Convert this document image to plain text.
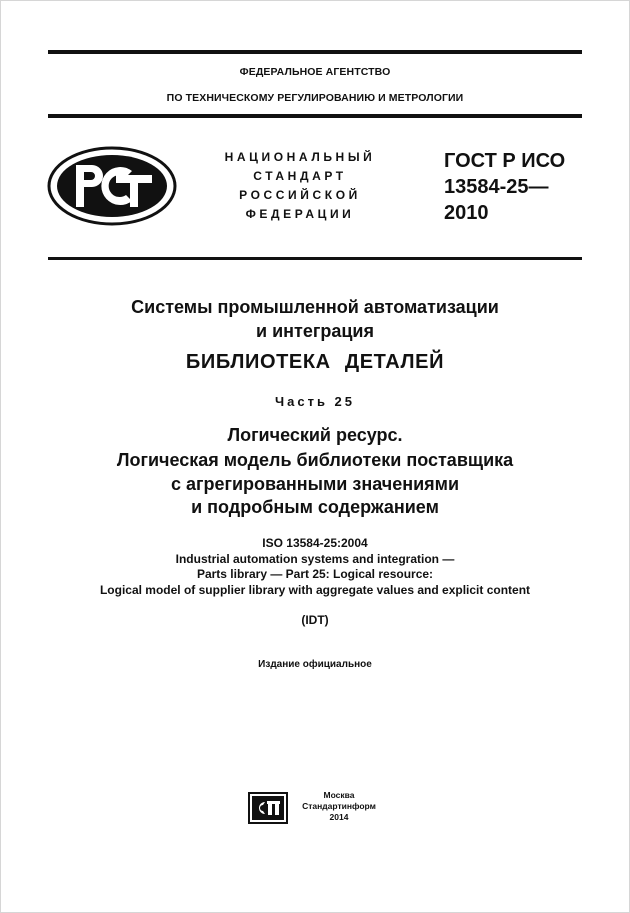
ФЕДЕРАЛЬНОЕ АГЕНТСТВО
ПО ТЕХНИЧЕСКОМУ РЕГУЛИРОВАНИЮ И МЕТРОЛОГИИ
НАЦИОНАЛЬНЫЙ
СТАНДАРТ
РОССИЙСКОЙ
ФЕДЕРАЦИИ
ГОСТ Р ИСО
13584-25—
2010
Системы промышленной автоматизации
и интеграция
БИБЛИОТЕКА ДЕТАЛЕЙ
Часть 25
Логический ресурс.
Логическая модель библиотеки поставщика
с агрегированными значениями
и подробным содержанием
ISO 13584-25:2004
Industrial automation systems and integration —
Parts library — Part 25: Logical resource:
Logical model of supplier library with aggregate values and explicit content
(IDT)
Издание официальное
Москва
Стандартинформ
2014
